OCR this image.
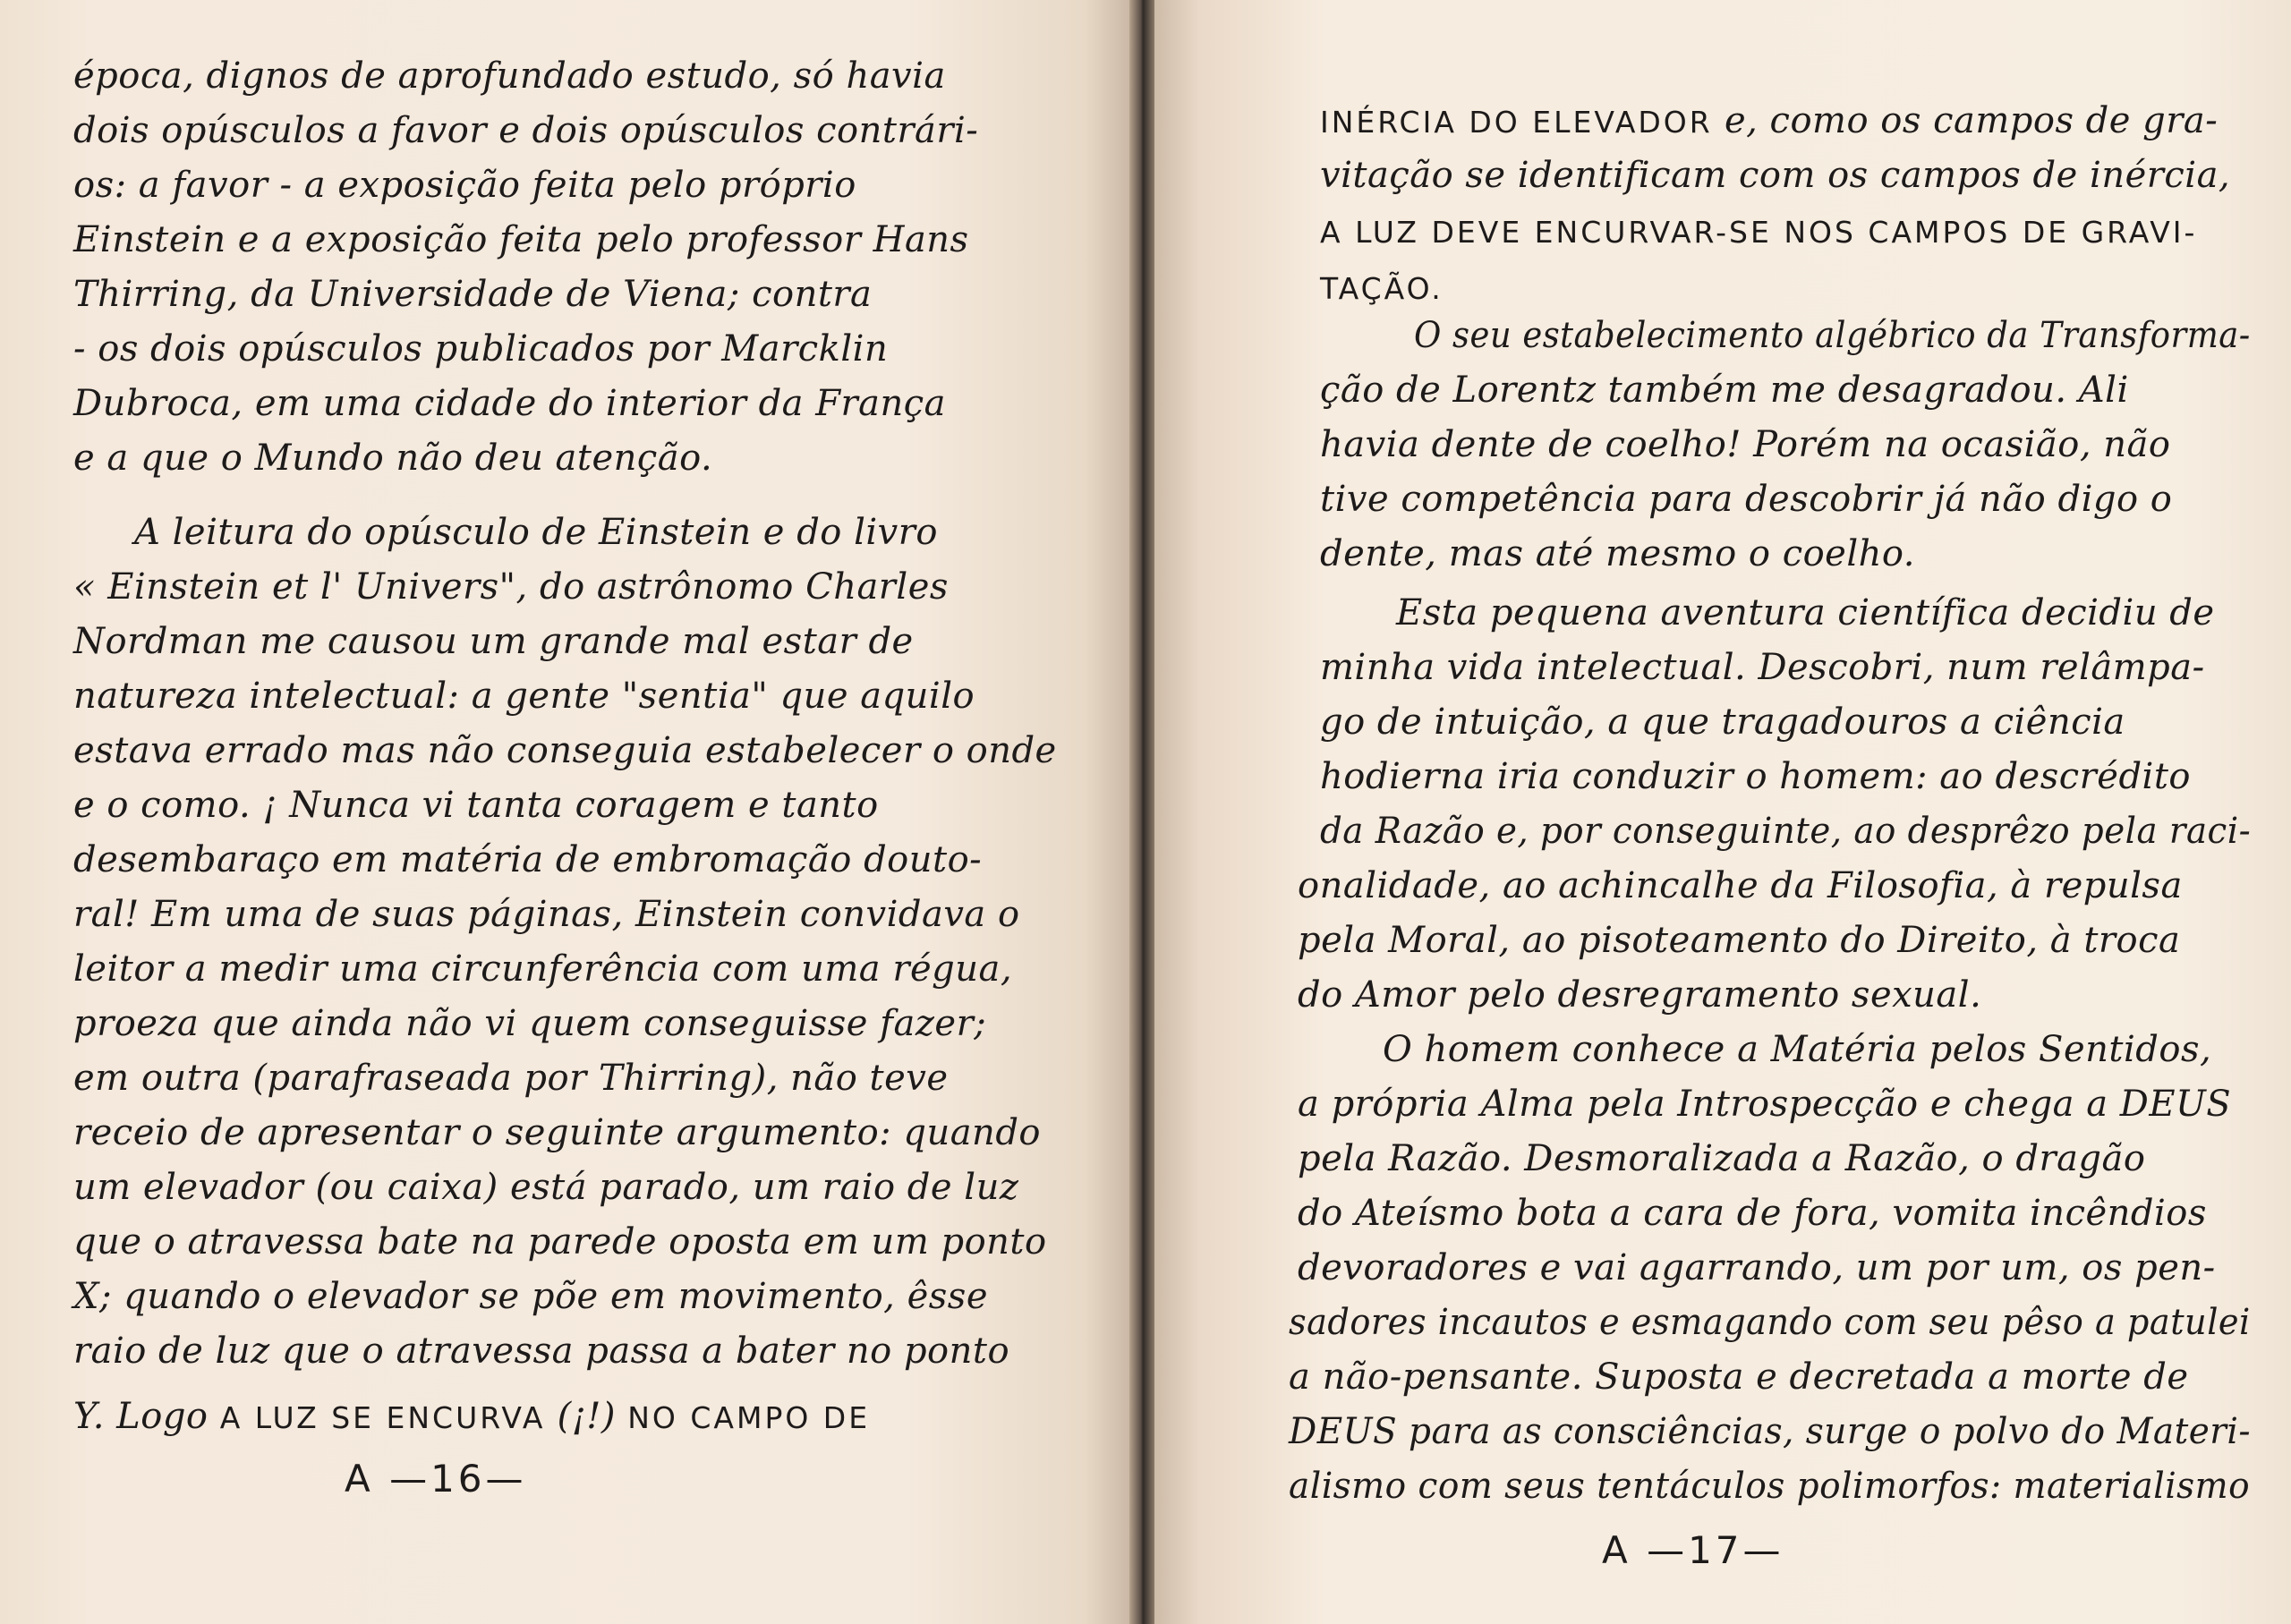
época, dignos de aprofundado estudo, só havia
dois opúsculos a favor e dois opúsculos contrári-
os: a favor - a exposição feita pelo próprio
Einstein e a exposição feita pelo professor Hans
Thirring, da Universidade de Viena; contra
- os dois opúsculos publicados por Marcklin
Dubroca, em uma cidade do interior da França
e a que o Mundo não deu atenção.
A leitura do opúsculo de Einstein e do livro
« Einstein et l' Univers", do astrônomo Charles
Nordman me causou um grande mal estar de
natureza intelectual: a gente "sentia" que aquilo
estava errado mas não conseguia estabelecer o onde
e o como. ¡ Nunca vi tanta coragem e tanto
desembaraço em matéria de embromação douto-
ral! Em uma de suas páginas, Einstein convidava o
leitor a medir uma circunferência com uma régua,
proeza que ainda não vi quem conseguisse fazer;
em outra (parafraseada por Thirring), não teve
receio de apresentar o seguinte argumento: quando
um elevador (ou caixa) está parado, um raio de luz
que o atravessa bate na parede oposta em um ponto
X; quando o elevador se põe em movimento, êsse
raio de luz que o atravessa passa a bater no ponto
Y. Logo A LUZ SE ENCURVA (¡!) NO CAMPO DE
A —16—
INÉRCIA DO ELEVADOR e, como os campos de gra-
vitação se identificam com os campos de inércia,
A LUZ DEVE ENCURVAR-SE NOS CAMPOS DE GRAVI-
TAÇÃO.
O seu estabelecimento algébrico da Transforma-
ção de Lorentz também me desagradou. Ali
havia dente de coelho! Porém na ocasião, não
tive competência para descobrir já não digo o
dente, mas até mesmo o coelho.
Esta pequena aventura científica decidiu de
minha vida intelectual. Descobri, num relâmpa-
go de intuição, a que tragadouros a ciência
hodierna iria conduzir o homem: ao descrédito
da Razão e, por conseguinte, ao desprêzo pela raci-
onalidade, ao achincalhe da Filosofia, à repulsa
pela Moral, ao pisoteamento do Direito, à troca
do Amor pelo desregramento sexual.
O homem conhece a Matéria pelos Sentidos,
a própria Alma pela Introspecção e chega a DEUS
pela Razão. Desmoralizada a Razão, o dragão
do Ateísmo bota a cara de fora, vomita incêndios
devoradores e vai agarrando, um por um, os pen-
sadores incautos e esmagando com seu pêso a patulei
a não-pensante. Suposta e decretada a morte de
DEUS para as consciências, surge o polvo do Materi-
alismo com seus tentáculos polimorfos: materialismo
A —17—
